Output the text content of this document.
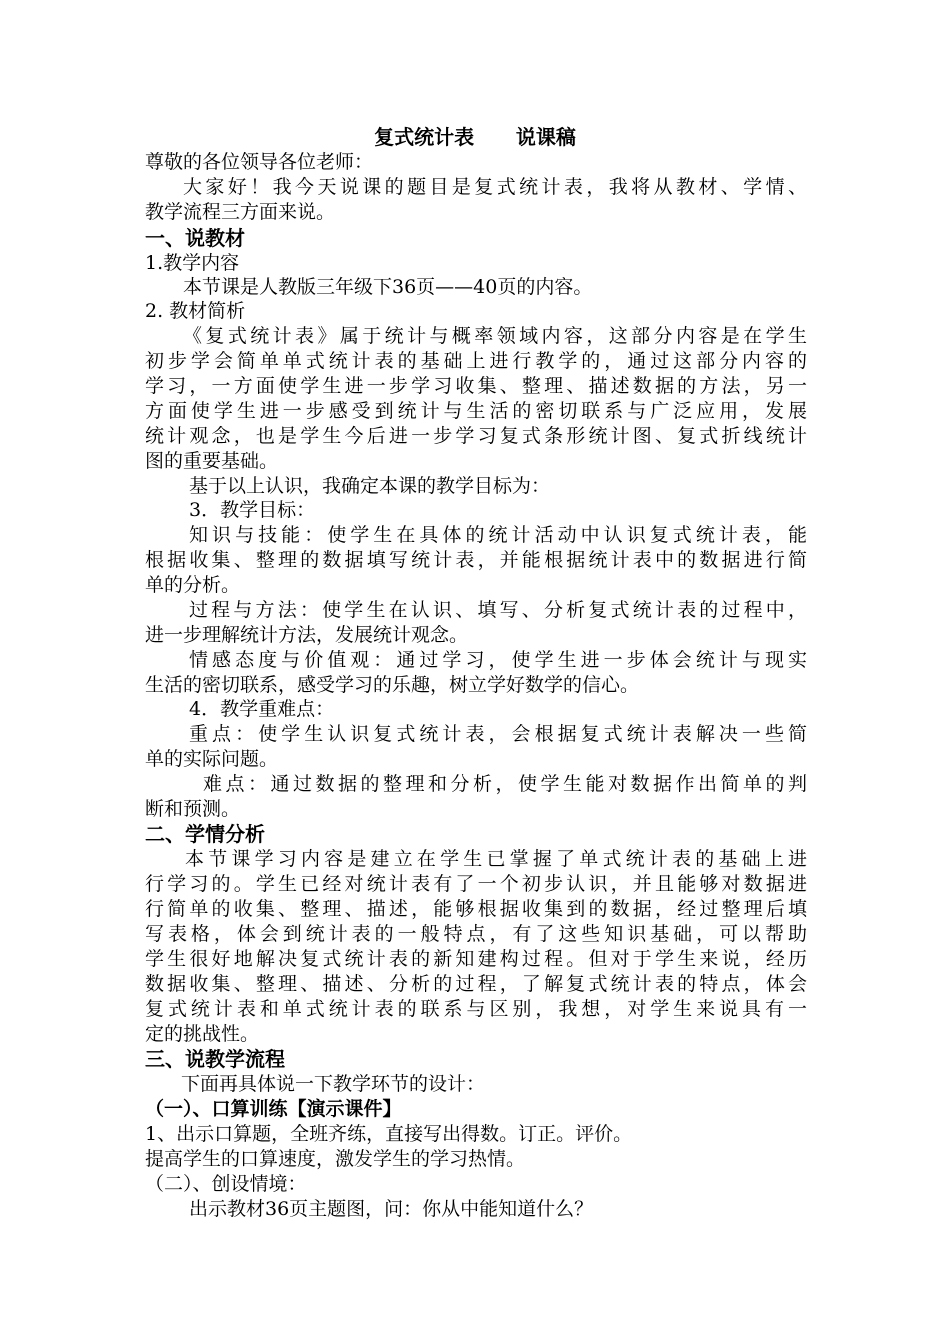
复式统计表      说课稿
尊敬的各位领导各位老师：
大家好！我今天说课的题目是复式统计表，我将从教材、学情、
教学流程三方面来说。
一、说教材
1.教学内容
本节课是人教版三年级下36页——40页的内容。
2. 教材简析
《复式统计表》属于统计与概率领域内容，这部分内容是在学生
初步学会简单单式统计表的基础上进行教学的，通过这部分内容的
学习，一方面使学生进一步学习收集、整理、描述数据的方法，另一
方面使学生进一步感受到统计与生活的密切联系与广泛应用，发展
统计观念，也是学生今后进一步学习复式条形统计图、复式折线统计
图的重要基础。
基于以上认识，我确定本课的教学目标为：
3．教学目标：
知识与技能：使学生在具体的统计活动中认识复式统计表，能
根据收集、整理的数据填写统计表，并能根据统计表中的数据进行简
单的分析。
过程与方法：使学生在认识、填写、分析复式统计表的过程中，
进一步理解统计方法，发展统计观念。
情感态度与价值观：通过学习，使学生进一步体会统计与现实
生活的密切联系，感受学习的乐趣，树立学好数学的信心。
4．教学重难点：
重点：使学生认识复式统计表，会根据复式统计表解决一些简
单的实际问题。
难点：通过数据的整理和分析，使学生能对数据作出简单的判
断和预测。
二、学情分析
本节课学习内容是建立在学生已掌握了单式统计表的基础上进
行学习的。学生已经对统计表有了一个初步认识，并且能够对数据进
行简单的收集、整理、描述，能够根据收集到的数据，经过整理后填
写表格，体会到统计表的一般特点，有了这些知识基础，可以帮助
学生很好地解决复式统计表的新知建构过程。但对于学生来说，经历
数据收集、整理、描述、分析的过程，了解复式统计表的特点，体会
复式统计表和单式统计表的联系与区别，我想，对学生来说具有一
定的挑战性。
三、说教学流程
下面再具体说一下教学环节的设计：
（一）、口算训练【演示课件】
1、出示口算题，全班齐练，直接写出得数。订正。评价。
提高学生的口算速度，激发学生的学习热情。
（二）、创设情境：
出示教材36页主题图，问：你从中能知道什么？
